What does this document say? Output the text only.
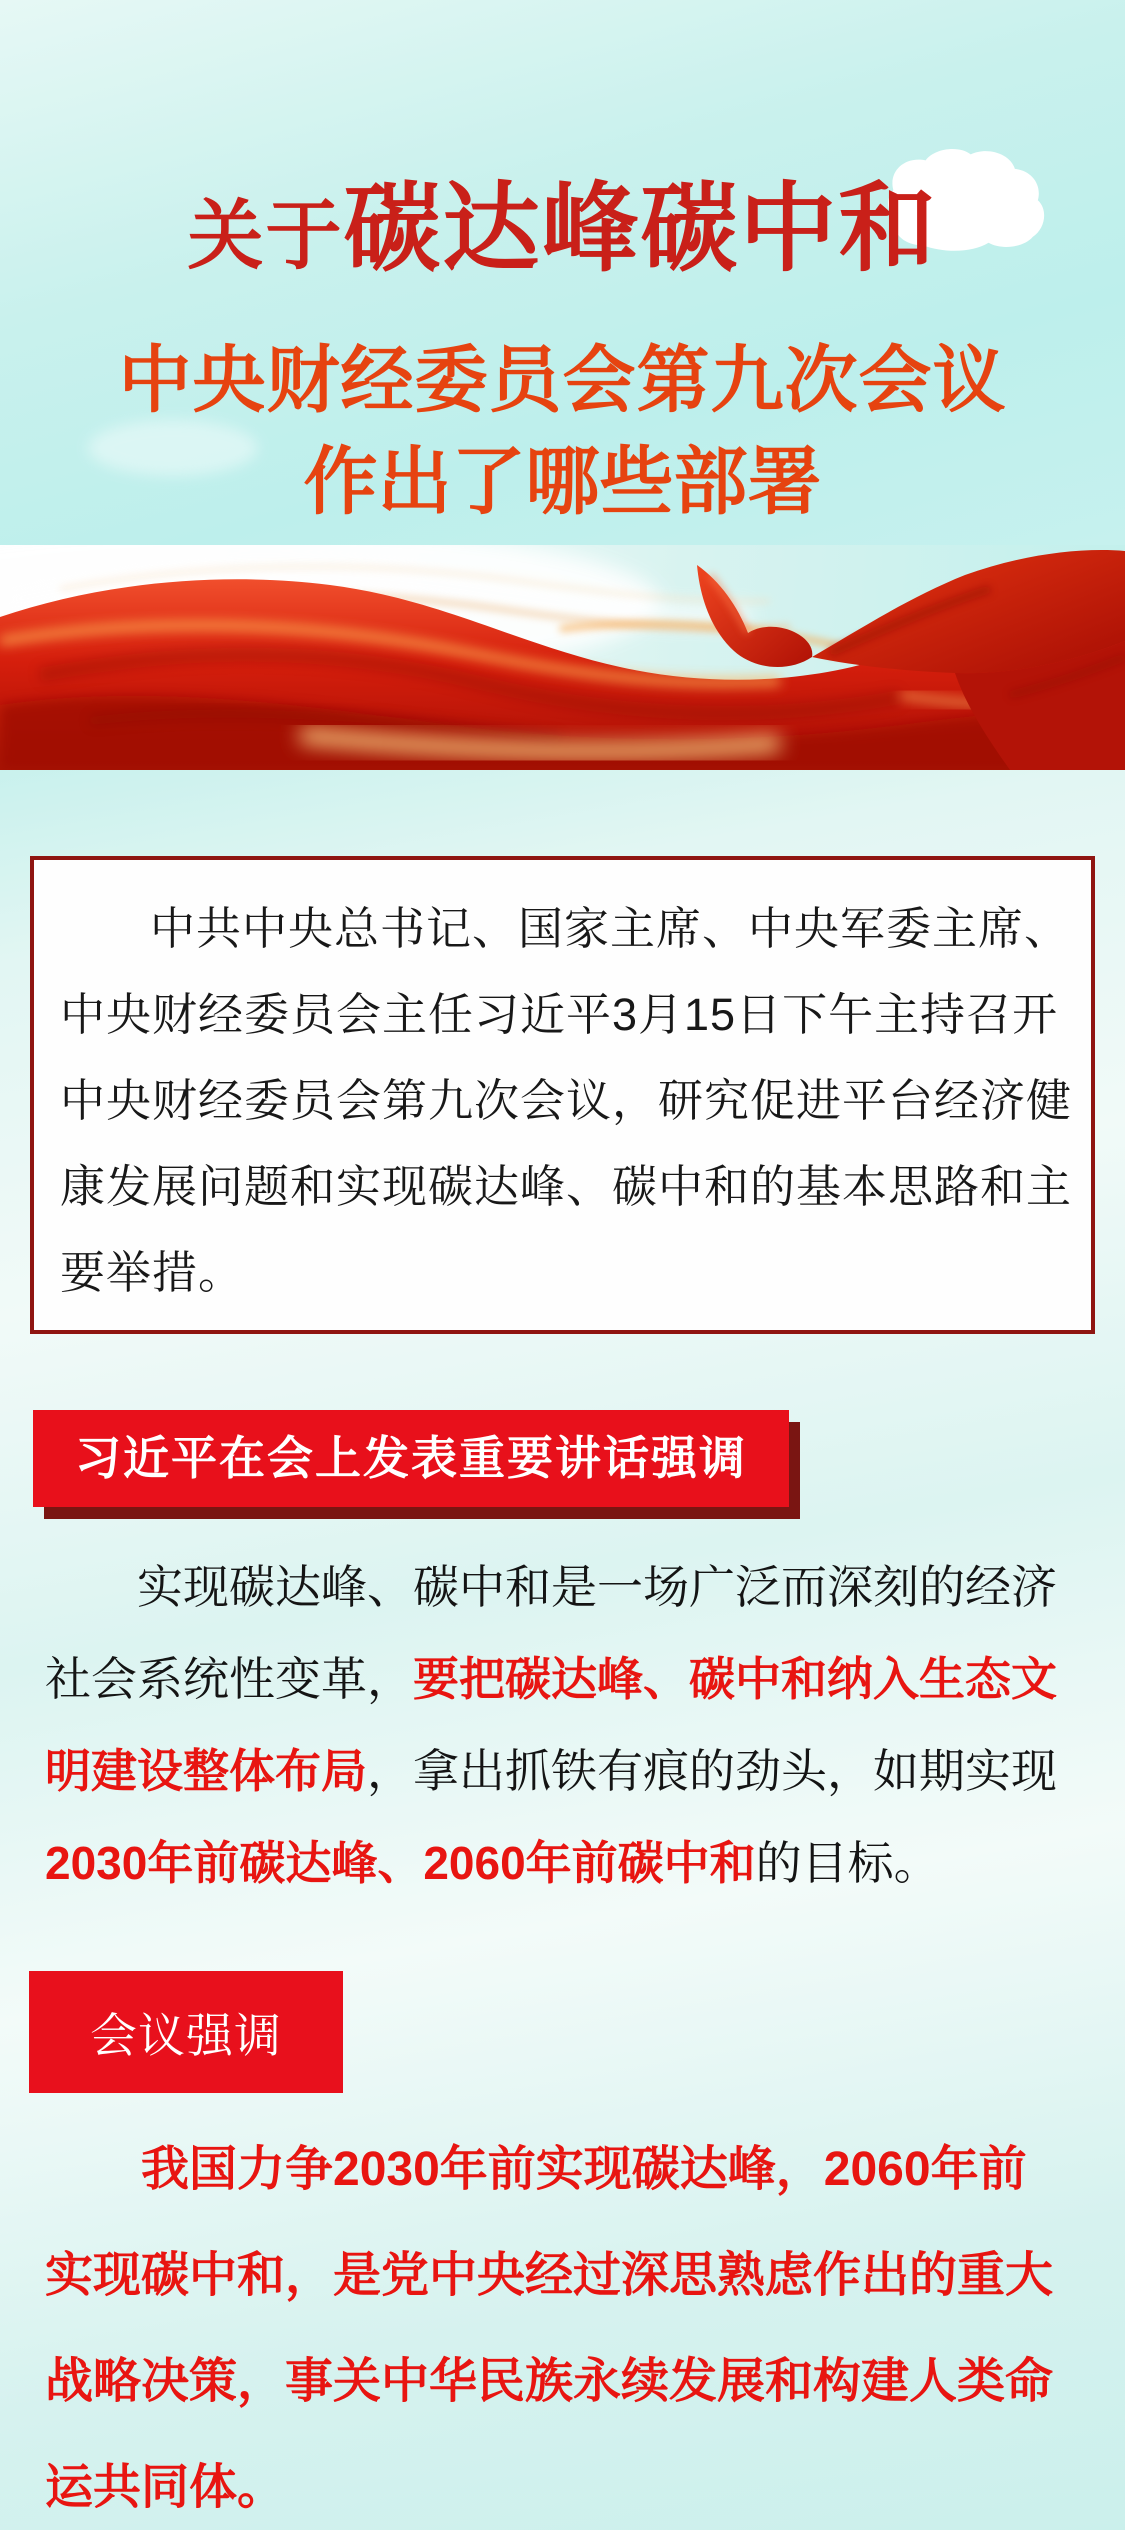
关于碳达峰碳中和
中央财经委员会第九次会议
作出了哪些部署
中共中央总书记、国家主席、中央军委主席、
中央财经委员会主任习近平3月15日下午主持召开
中央财经委员会第九次会议，研究促进平台经济健
康发展问题和实现碳达峰、碳中和的基本思路和主
要举措。
习近平在会上发表重要讲话强调
实现碳达峰、碳中和是一场广泛而深刻的经济
社会系统性变革，要把碳达峰、碳中和纳入生态文
明建设整体布局，拿出抓铁有痕的劲头，如期实现
2030年前碳达峰、2060年前碳中和的目标。
会议强调
我国力争2030年前实现碳达峰，2060年前
实现碳中和，是党中央经过深思熟虑作出的重大
战略决策，事关中华民族永续发展和构建人类命
运共同体。
